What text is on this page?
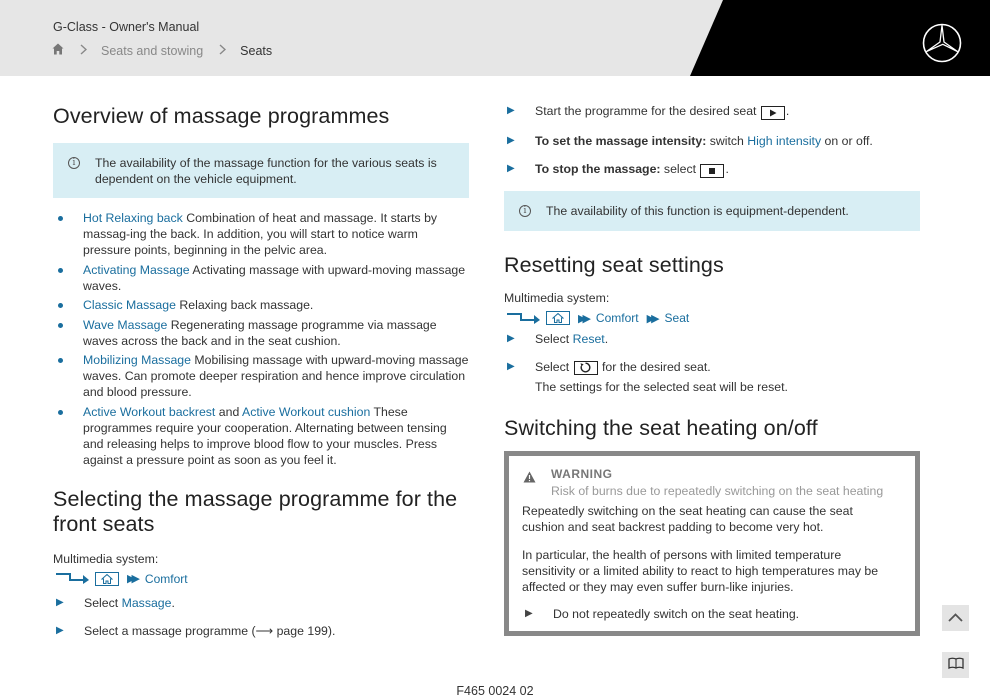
G-Class - Owner's Manual
Seats and stowing	Seats
Overview of massage programmes
i	The availability of the massage function for the various seats is dependent on the vehicle equipment.
Hot Relaxing back Combination of heat and massage. It starts by massag-ing the back. In addition, you will start to notice warm pressure points, beginning in the pelvic area.
Activating Massage Activating massage with upward-moving massage waves.
Classic Massage Relaxing back massage.
Wave Massage Regenerating massage programme via massage waves across the back and in the seat cushion.
Mobilizing Massage Mobilising massage with upward-moving massage waves. Can promote deeper respiration and hence improve circulation and blood pressure.
Active Workout backrest and Active Workout cushion These programmes require your cooperation. Alternating between tensing and releasing helps to improve blood flow to your muscles. Press against a pressure point as soon as you feel it.
Selecting the massage programme for the front seats
Multimedia system:
▶▶ Comfort
▶ Select Massage.
▶ Select a massage programme (⟶ page 199).
▶ Start the programme for the desired seat
.
▶ To set the massage intensity: switch High intensity on or off.
▶ To stop the massage: select
.
i	The availability of this function is equipment-dependent.
Resetting seat settings
Multimedia system:
▶▶ Comfort ▶▶ Seat
▶ Select Reset.
▶ Select
for the desired seat.
The settings for the selected seat will be reset.
Switching the seat heating on/off
WARNING
Risk of burns due to repeatedly switching on the seat heating
Repeatedly switching on the seat heating can cause the seat cushion and seat backrest padding to become very hot.
In particular, the health of persons with limited temperature sensitivity or a limited ability to react to high temperatures may be affected or they may even suffer burn-like injuries.
▶ Do not repeatedly switch on the seat heating.
F465 0024 02
